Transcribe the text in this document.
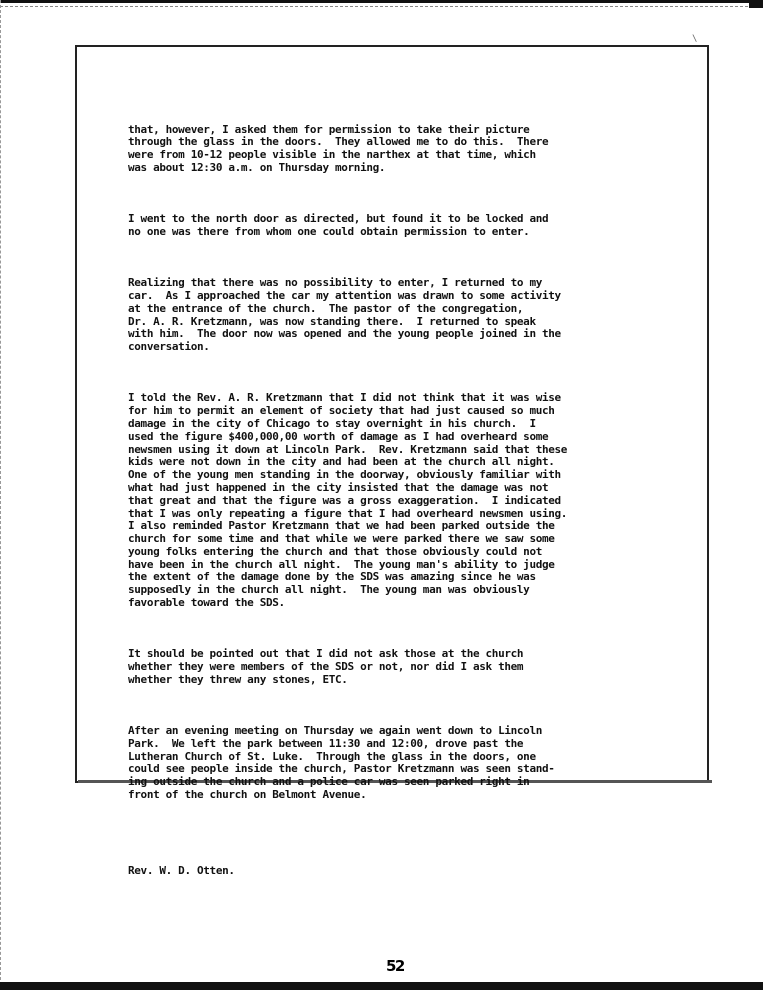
\

that, however, I asked them for permission to take their picture
through the glass in the doors.  They allowed me to do this.  There
were from 10-12 people visible in the narthex at that time, which
was about 12:30 a.m. on Thursday morning.

I went to the north door as directed, but found it to be locked and
no one was there from whom one could obtain permission to enter.

Realizing that there was no possibility to enter, I returned to my
car.  As I approached the car my attention was drawn to some activity
at the entrance of the church.  The pastor of the congregation,
Dr. A. R. Kretzmann, was now standing there.  I returned to speak
with him.  The door now was opened and the young people joined in the
conversation.

I told the Rev. A. R. Kretzmann that I did not think that it was wise
for him to permit an element of society that had just caused so much
damage in the city of Chicago to stay overnight in his church.  I
used the figure $400,000,00 worth of damage as I had overheard some
newsmen using it down at Lincoln Park.  Rev. Kretzmann said that these
kids were not down in the city and had been at the church all night.
One of the young men standing in the doorway, obviously familiar with
what had just happened in the city insisted that the damage was not
that great and that the figure was a gross exaggeration.  I indicated
that I was only repeating a figure that I had overheard newsmen using.
I also reminded Pastor Kretzmann that we had been parked outside the
church for some time and that while we were parked there we saw some
young folks entering the church and that those obviously could not
have been in the church all night.  The young man's ability to judge
the extent of the damage done by the SDS was amazing since he was
supposedly in the church all night.  The young man was obviously
favorable toward the SDS.

It should be pointed out that I did not ask those at the church
whether they were members of the SDS or not, nor did I ask them
whether they threw any stones, ETC.

After an evening meeting on Thursday we again went down to Lincoln
Park.  We left the park between 11:30 and 12:00, drove past the
Lutheran Church of St. Luke.  Through the glass in the doors, one
could see people inside the church, Pastor Kretzmann was seen stand-
ing outside the church and a police car was seen parked right in
front of the church on Belmont Avenue.

Rev. W. D. Otten.

52
